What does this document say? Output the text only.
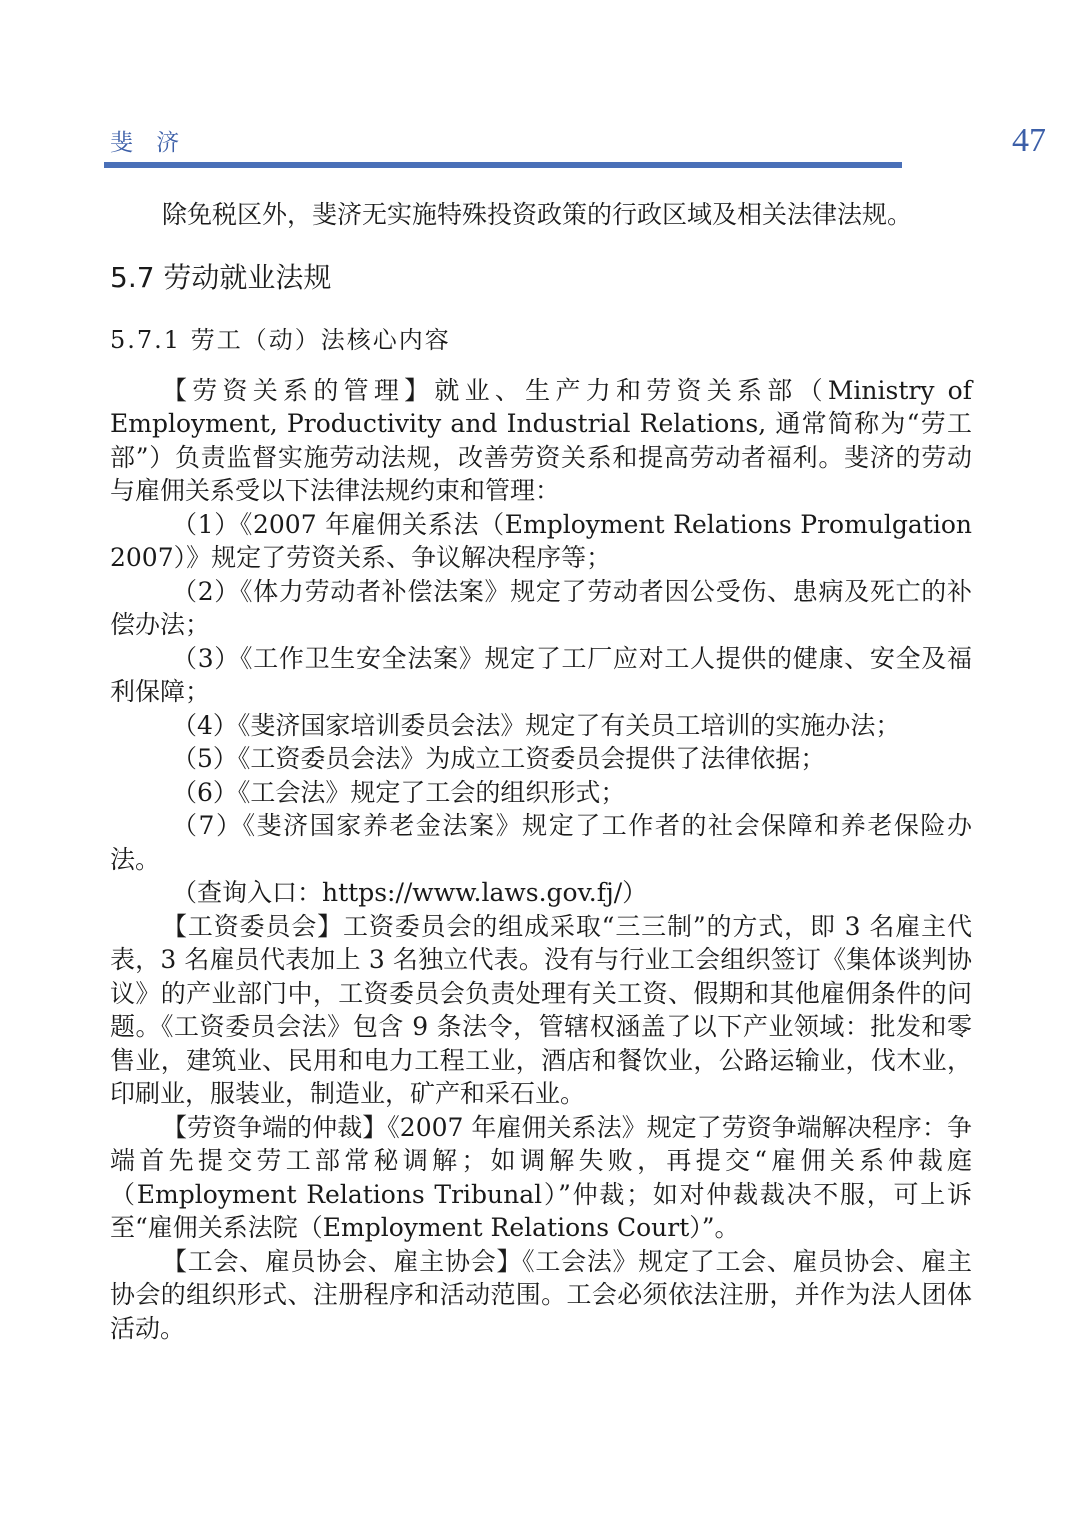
斐 济	47

除免税区外，斐济无实施特殊投资政策的行政区域及相关法律法规。

5.7 劳动就业法规
5.7.1 劳工（动）法核心内容

【劳资关系的管理】就业、生产力和劳资关系部（Ministry of Employment, Productivity and Industrial Relations, 通常简称为“劳工部”）负责监督实施劳动法规，改善劳资关系和提高劳动者福利。斐济的劳动与雇佣关系受以下法律法规约束和管理：

（1）《2007 年雇佣关系法（Employment Relations Promulgation 2007）》规定了劳资关系、争议解决程序等；

（2）《体力劳动者补偿法案》规定了劳动者因公受伤、患病及死亡的补偿办法；

（3）《工作卫生安全法案》规定了工厂应对工人提供的健康、安全及福利保障；

（4）《斐济国家培训委员会法》规定了有关员工培训的实施办法；

（5）《工资委员会法》为成立工资委员会提供了法律依据；

（6）《工会法》规定了工会的组织形式；

（7）《斐济国家养老金法案》规定了工作者的社会保障和养老保险办法。

（查询入口：https://www.laws.gov.fj/）

【工资委员会】工资委员会的组成采取“三三制”的方式，即 3 名雇主代表，3 名雇员代表加上 3 名独立代表。没有与行业工会组织签订《集体谈判协议》的产业部门中，工资委员会负责处理有关工资、假期和其他雇佣条件的问题。《工资委员会法》包含 9 条法令，管辖权涵盖了以下产业领域：批发和零售业，建筑业、民用和电力工程工业，酒店和餐饮业，公路运输业，伐木业，印刷业，服装业，制造业，矿产和采石业。

【劳资争端的仲裁】《2007 年雇佣关系法》规定了劳资争端解决程序：争端首先提交劳工部常秘调解；如调解失败，再提交“雇佣关系仲裁庭（Employment Relations Tribunal）”仲裁；如对仲裁裁决不服，可上诉至“雇佣关系法院（Employment Relations Court）”。

【工会、雇员协会、雇主协会】《工会法》规定了工会、雇员协会、雇主协会的组织形式、注册程序和活动范围。工会必须依法注册，并作为法人团体活动。
